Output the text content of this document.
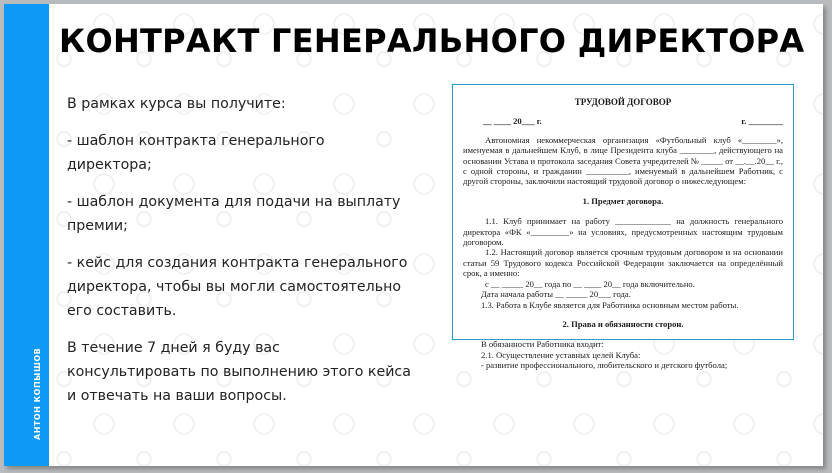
АНТОН КОПЫШОВ
КОНТРАКТ ГЕНЕРАЛЬНОГО ДИРЕКТОРА

В рамках курса вы получите:

- шаблон контракта генерального директора;

- шаблон документа для подачи на выплату премии;

- кейс для создания контракта генерального директора, чтобы вы могли самостоятельно его составить.

В течение 7 дней я буду вас консультировать по выполнению этого кейса и отвечать на ваши вопросы.

ТРУДОВОЙ ДОГОВОР
__ ____ 20___ г.	г. ________

Автономная некоммерческая организация «Футбольный клуб «________», именуемая в дальнейшем Клуб, в лице Президента клуба ________, действующего на основании Устава и протокола заседания Совета учредителей № _____ от __.__.20__ г., с одной стороны, и гражданин __________, именуемый в дальнейшем Работник, с другой стороны, заключили настоящий трудовой договор о нижеследующем:

1. Предмет договора.

1.1. Клуб принимает на работу _____________ на должность генерального директора «ФК «_________» на условиях, предусмотренных настоящим трудовым договором.

1.2. Настоящий договор является срочным трудовым договором и на основании статьи 59 Трудового кодекса Российской Федерации заключается на определённый срок, а именно:

с __ _____ 20__ года по __ ____ 20__ года включительно.

Дата начала работы __ _____ 20___ года.

1.3. Работа в Клубе является для Работника основным местом работы.

2. Права и обязанности сторон.

В обязанности Работника входит:

2.1. Осуществление уставных целей Клуба:

- развитие профессионального, любительского и детского футбола;
